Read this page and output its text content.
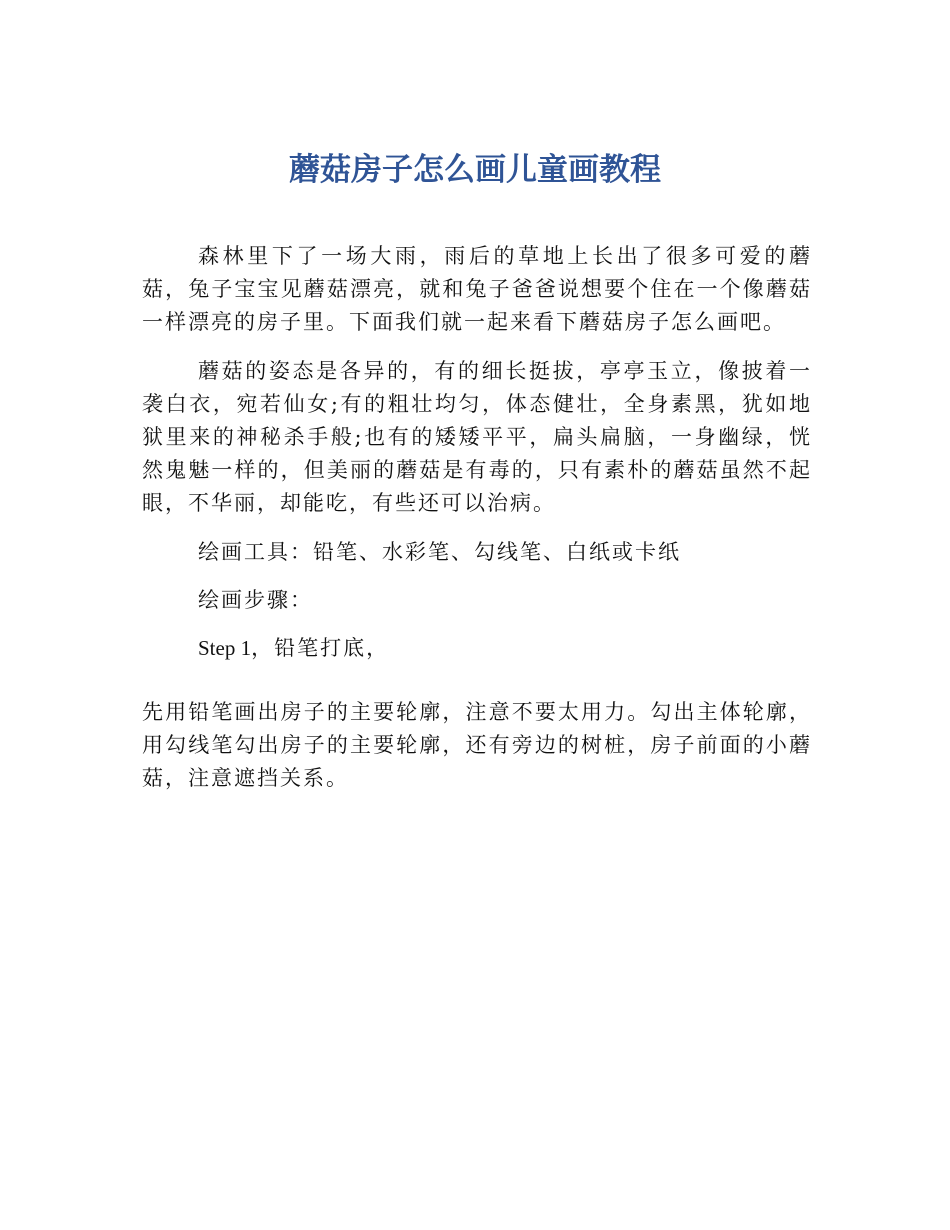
蘑菇房子怎么画儿童画教程

森林里下了一场大雨，雨后的草地上长出了很多可爱的蘑菇，兔子宝宝见蘑菇漂亮，就和兔子爸爸说想要个住在一个像蘑菇一样漂亮的房子里。下面我们就一起来看下蘑菇房子怎么画吧。

蘑菇的姿态是各异的，有的细长挺拔，亭亭玉立，像披着一袭白衣，宛若仙女;有的粗壮均匀，体态健壮，全身素黑，犹如地狱里来的神秘杀手般;也有的矮矮平平，扁头扁脑，一身幽绿，恍然鬼魅一样的，但美丽的蘑菇是有毒的，只有素朴的蘑菇虽然不起眼，不华丽，却能吃，有些还可以治病。

绘画工具：铅笔、水彩笔、勾线笔、白纸或卡纸

绘画步骤：

Step 1，铅笔打底，

先用铅笔画出房子的主要轮廓，注意不要太用力。勾出主体轮廓，用勾线笔勾出房子的主要轮廓，还有旁边的树桩，房子前面的小蘑菇，注意遮挡关系。
